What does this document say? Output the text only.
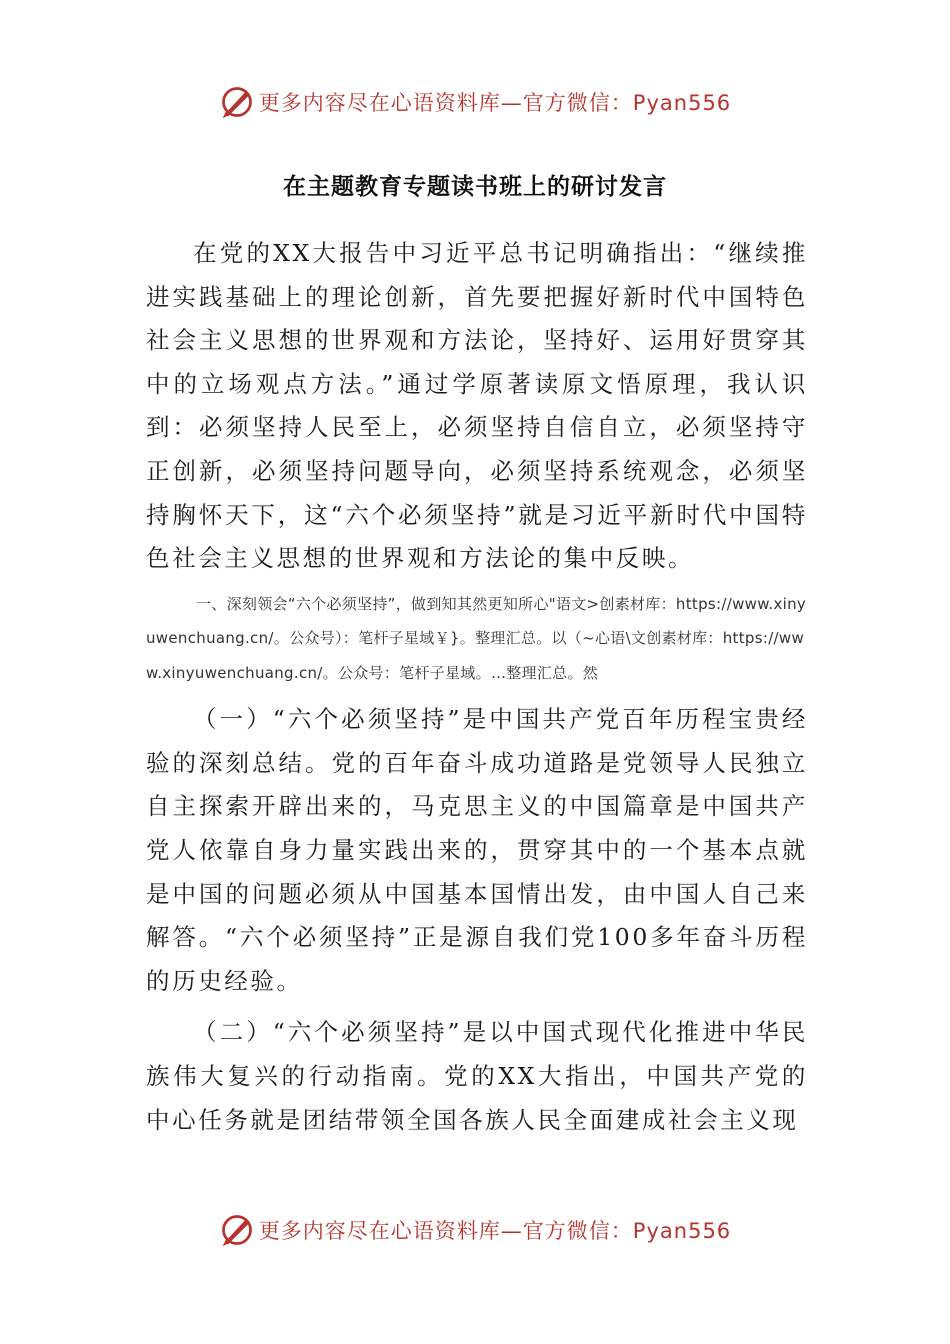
更多内容尽在心语资料库—官方微信：Pyan556
在主题教育专题读书班上的研讨发言

在党的XX大报告中习近平总书记明确指出：“继续推进实践基础上的理论创新，首先要把握好新时代中国特色社会主义思想的世界观和方法论，坚持好、运用好贯穿其中的立场观点方法。”通过学原著读原文悟原理，我认识到：必须坚持人民至上，必须坚持自信自立，必须坚持守正创新，必须坚持问题导向，必须坚持系统观念，必须坚持胸怀天下，这“六个必须坚持”就是习近平新时代中国特色社会主义思想的世界观和方法论的集中反映。

一、深刻领会“六个必须坚持”，做到知其然更知所心"语文>创素材库：https://www.xinyuwenchuang.cn/。公众号）：笔杆子星域￥}。整理汇总。以（~心语\文创素材库：https://www.xinyuwenchuang.cn/。公众号：笔杆子星域。…整理汇总。然

（一）“六个必须坚持”是中国共产党百年历程宝贵经验的深刻总结。党的百年奋斗成功道路是党领导人民独立自主探索开辟出来的，马克思主义的中国篇章是中国共产党人依靠自身力量实践出来的，贯穿其中的一个基本点就是中国的问题必须从中国基本国情出发，由中国人自己来解答。“六个必须坚持”正是源自我们党100多年奋斗历程的历史经验。

（二）“六个必须坚持”是以中国式现代化推进中华民族伟大复兴的行动指南。党的XX大指出，中国共产党的中心任务就是团结带领全国各族人民全面建成社会主义现

更多内容尽在心语资料库—官方微信：Pyan556
